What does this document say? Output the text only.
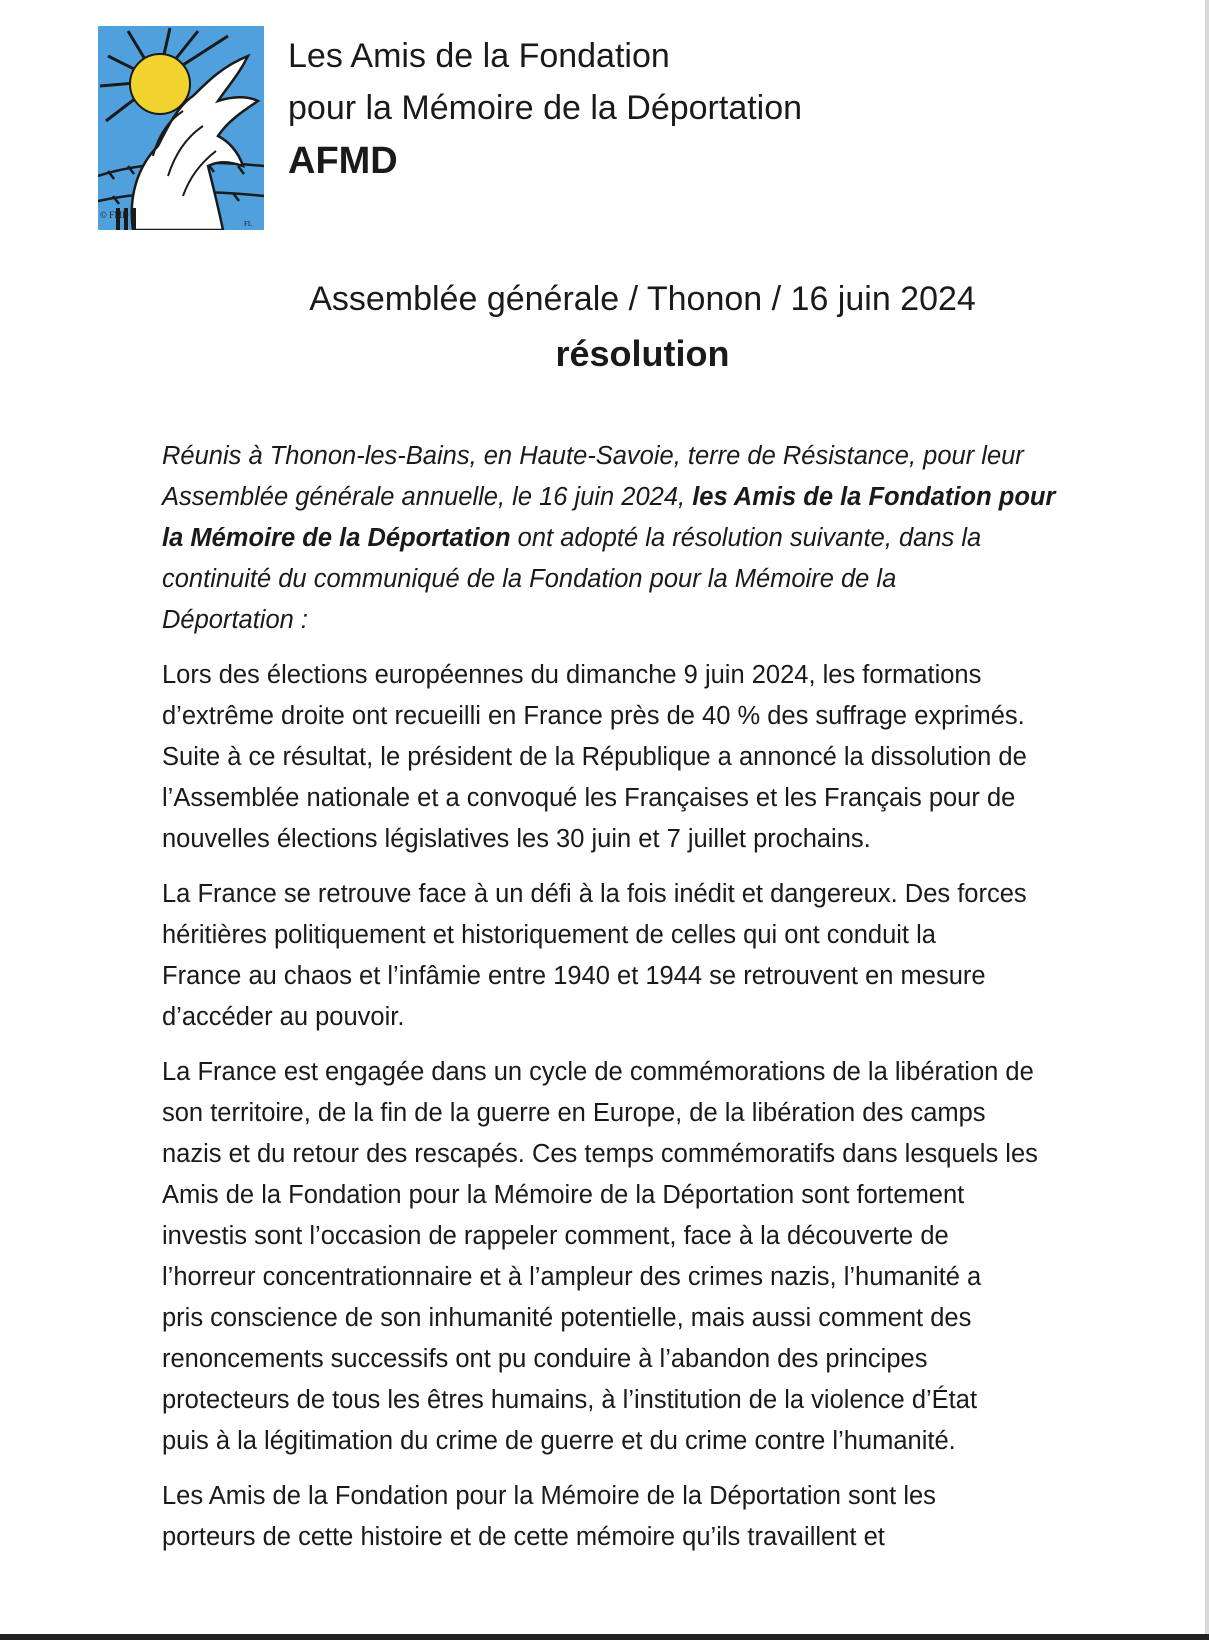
© FMD
FL
Les Amis de la Fondation
pour la Mémoire de la Déportation
AFMD
Assemblée générale / Thonon / 16 juin 2024
résolution
Réunis à Thonon-les-Bains, en Haute-Savoie, terre de Résistance, pour leur
Assemblée générale annuelle, le 16 juin 2024, les Amis de la Fondation pour
la Mémoire de la Déportation ont adopté la résolution suivante, dans la
continuité du communiqué de la Fondation pour la Mémoire de la
Déportation :
Lors des élections européennes du dimanche 9 juin 2024, les formations
d’extrême droite ont recueilli en France près de 40 % des suffrage exprimés.
Suite à ce résultat, le président de la République a annoncé la dissolution de
l’Assemblée nationale et a convoqué les Françaises et les Français pour de
nouvelles élections législatives les 30 juin et 7 juillet prochains.
La France se retrouve face à un défi à la fois inédit et dangereux. Des forces
héritières politiquement et historiquement de celles qui ont conduit la
France au chaos et l’infâmie entre 1940 et 1944 se retrouvent en mesure
d’accéder au pouvoir.
La France est engagée dans un cycle de commémorations de la libération de
son territoire, de la fin de la guerre en Europe, de la libération des camps
nazis et du retour des rescapés. Ces temps commémoratifs dans lesquels les
Amis de la Fondation pour la Mémoire de la Déportation sont fortement
investis sont l’occasion de rappeler comment, face à la découverte de
l’horreur concentrationnaire et à l’ampleur des crimes nazis, l’humanité a
pris conscience de son inhumanité potentielle, mais aussi comment des
renoncements successifs ont pu conduire à l’abandon des principes
protecteurs de tous les êtres humains, à l’institution de la violence d’État
puis à la légitimation du crime de guerre et du crime contre l’humanité.
Les Amis de la Fondation pour la Mémoire de la Déportation sont les
porteurs de cette histoire et de cette mémoire qu’ils travaillent et
